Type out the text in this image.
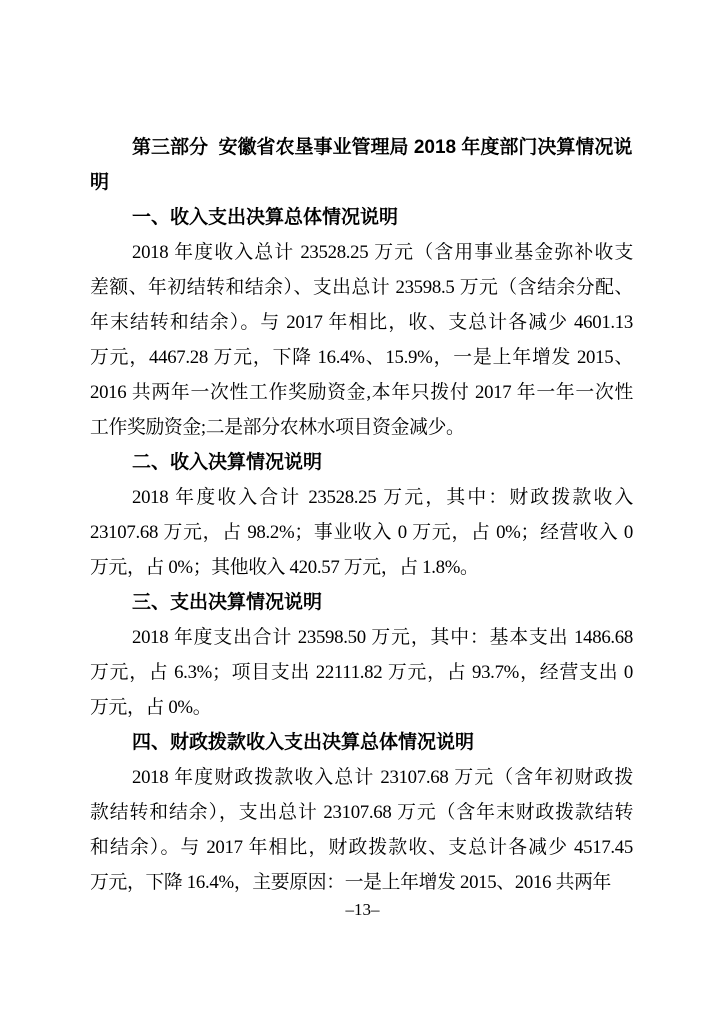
第三部分  安徽省农垦事业管理局 2018 年度部门决算情况说
明
一、收入支出决算总体情况说明
2018 年度收入总计 23528.25 万元（含用事业基金弥补收支
差额、年初结转和结余）、支出总计 23598.5 万元（含结余分配、
年末结转和结余）。与 2017 年相比，收、支总计各减少 4601.13
万元，4467.28 万元，下降 16.4%、15.9%，一是上年增发 2015、
2016 共两年一次性工作奖励资金,本年只拨付 2017 年一年一次性
工作奖励资金;二是部分农林水项目资金减少。
二、收入决算情况说明
2018 年度收入合计 23528.25 万元，其中：财政拨款收入
23107.68 万元，占 98.2%；事业收入 0 万元，占 0%；经营收入 0
万元，占 0%；其他收入 420.57 万元，占 1.8%。
三、支出决算情况说明
2018 年度支出合计 23598.50 万元，其中：基本支出 1486.68
万元，占 6.3%；项目支出 22111.82 万元，占 93.7%，经营支出 0
万元，占 0%。
四、财政拨款收入支出决算总体情况说明
2018 年度财政拨款收入总计 23107.68 万元（含年初财政拨
款结转和结余），支出总计 23107.68 万元（含年末财政拨款结转
和结余）。与 2017 年相比，财政拨款收、支总计各减少 4517.45
万元，下降 16.4%，主要原因：一是上年增发 2015、2016 共两年
–13–
